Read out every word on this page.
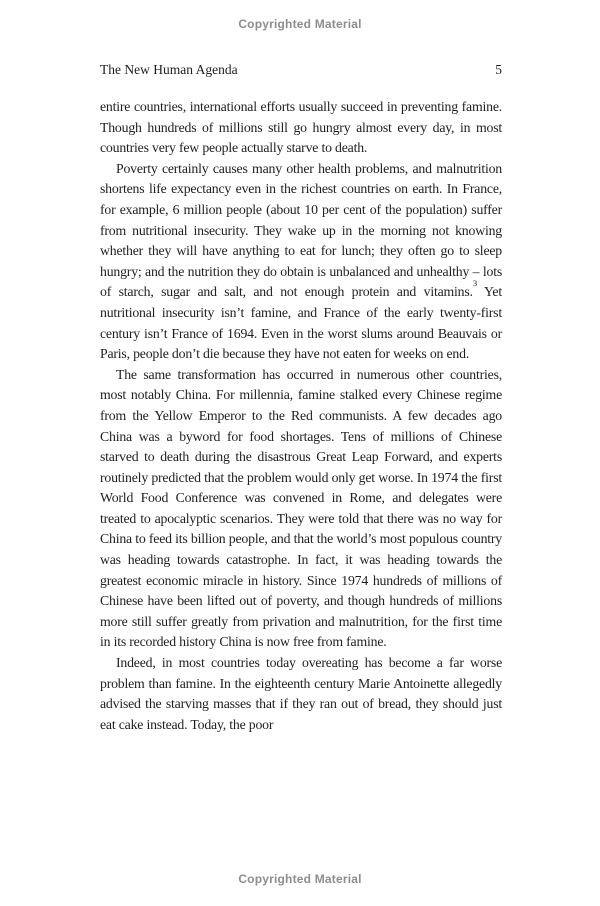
Copyrighted Material
The New Human Agenda	5

entire countries, international efforts usually succeed in preventing famine. Though hundreds of millions still go hungry almost every day, in most countries very few people actually starve to death.

Poverty certainly causes many other health problems, and malnutrition shortens life expectancy even in the richest countries on earth. In France, for example, 6 million people (about 10 per cent of the population) suffer from nutritional insecurity. They wake up in the morning not knowing whether they will have anything to eat for lunch; they often go to sleep hungry; and the nutrition they do obtain is unbalanced and unhealthy – lots of starch, sugar and salt, and not enough protein and vitamins.$^3$ Yet nutritional insecurity isn’t famine, and France of the early twenty-first century isn’t France of 1694. Even in the worst slums around Beauvais or Paris, people don’t die because they have not eaten for weeks on end.

The same transformation has occurred in numerous other countries, most notably China. For millennia, famine stalked every Chinese regime from the Yellow Emperor to the Red communists. A few decades ago China was a byword for food shortages. Tens of millions of Chinese starved to death during the disastrous Great Leap Forward, and experts routinely predicted that the problem would only get worse. In 1974 the first World Food Conference was convened in Rome, and delegates were treated to apocalyptic scenarios. They were told that there was no way for China to feed its billion people, and that the world’s most populous country was heading towards catastrophe. In fact, it was heading towards the greatest economic miracle in history. Since 1974 hundreds of millions of Chinese have been lifted out of poverty, and though hundreds of millions more still suffer greatly from privation and malnutrition, for the first time in its recorded history China is now free from famine.

Indeed, in most countries today overeating has become a far worse problem than famine. In the eighteenth century Marie Antoinette allegedly advised the starving masses that if they ran out of bread, they should just eat cake instead. Today, the poor

Copyrighted Material
